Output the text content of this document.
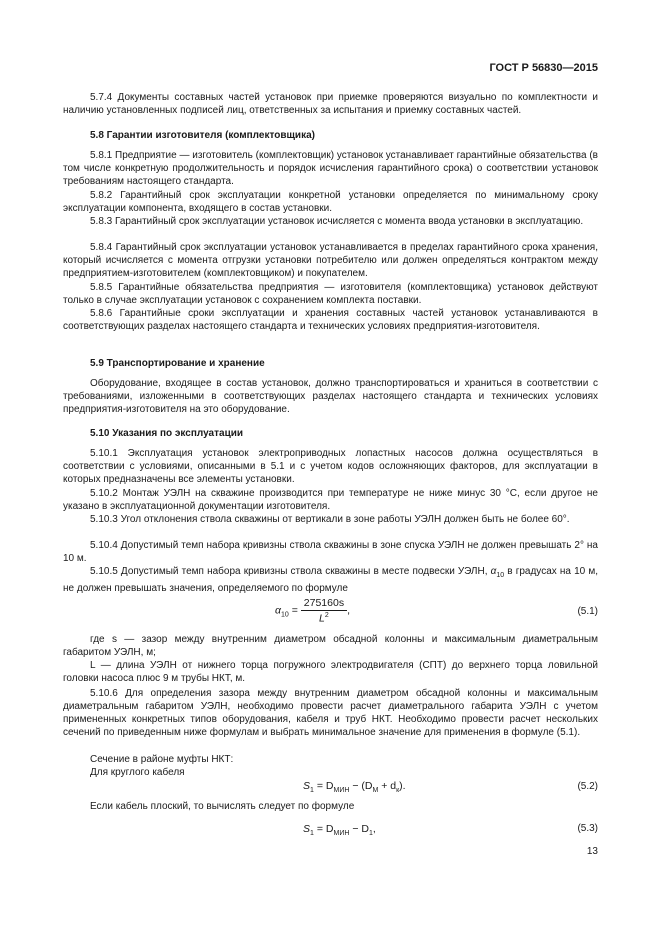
ГОСТ Р 56830—2015

5.7.4 Документы составных частей установок при приемке проверяются визуально по комплектности и наличию установленных подписей лиц, ответственных за испытания и приемку составных частей.

5.8 Гарантии изготовителя (комплектовщика)

5.8.1 Предприятие — изготовитель (комплектовщик) установок устанавливает гарантийные обязательства (в том числе конкретную продолжительность и порядок исчисления гарантийного срока) о соответствии установок требованиям настоящего стандарта.

5.8.2 Гарантийный срок эксплуатации конкретной установки определяется по минимальному сроку эксплуатации компонента, входящего в состав установки.

5.8.3 Гарантийный срок эксплуатации установок исчисляется с момента ввода установки в эксплуатацию.

5.8.4 Гарантийный срок эксплуатации установок устанавливается в пределах гарантийного срока хранения, который исчисляется с момента отгрузки установки потребителю или должен определяться контрактом между предприятием-изготовителем (комплектовщиком) и покупателем.

5.8.5 Гарантийные обязательства предприятия — изготовителя (комплектовщика) установок действуют только в случае эксплуатации установок с сохранением комплекта поставки.

5.8.6 Гарантийные сроки эксплуатации и хранения составных частей установок устанавливаются в соответствующих разделах настоящего стандарта и технических условиях предприятия-изготовителя.

5.9 Транспортирование и хранение

Оборудование, входящее в состав установок, должно транспортироваться и храниться в соответствии с требованиями, изложенными в соответствующих разделах настоящего стандарта и технических условиях предприятия-изготовителя на это оборудование.

5.10 Указания по эксплуатации

5.10.1 Эксплуатация установок электроприводных лопастных насосов должна осуществляться в соответствии с условиями, описанными в 5.1 и с учетом кодов осложняющих факторов, для эксплуатации в которых предназначены все элементы установки.

5.10.2 Монтаж УЭЛН на скважине производится при температуре не ниже минус 30 °С, если другое не указано в эксплуатационной документации изготовителя.

5.10.3 Угол отклонения ствола скважины от вертикали в зоне работы УЭЛН должен быть не более 60°.

5.10.4 Допустимый темп набора кривизны ствола скважины в зоне спуска УЭЛН не должен превышать 2° на 10 м.

5.10.5 Допустимый темп набора кривизны ствола скважины в месте подвески УЭЛН, $\alpha_{10}$ в градусах на 10 м, не должен превышать значения, определяемого по формуле

$\alpha_{10} = \frac{275160s}{L^2}$ ,	(5.1)

где s — зазор между внутренним диаметром обсадной колонны и максимальным диаметральным габаритом УЭЛН, м;

L — длина УЭЛН от нижнего торца погружного электродвигателя (СПТ) до верхнего торца ловильной головки насоса плюс 9 м трубы НКТ, м.

5.10.6 Для определения зазора между внутренним диаметром обсадной колонны и максимальным диаметральным габаритом УЭЛН, необходимо провести расчет диаметрального габарита УЭЛН с учетом примененных конкретных типов оборудования, кабеля и труб НКТ. Необходимо провести расчет нескольких сечений по приведенным ниже формулам и выбрать минимальное значение для применения в формуле (5.1).

Сечение в районе муфты НКТ:
Для круглого кабеля
$S_1 = D_{МИН} - (D_М + d_к)$.	(5.2)
Если кабель плоский, то вычислять следует по формуле
$S_1 = D_{МИН} - D_1$,	(5.3)
13
